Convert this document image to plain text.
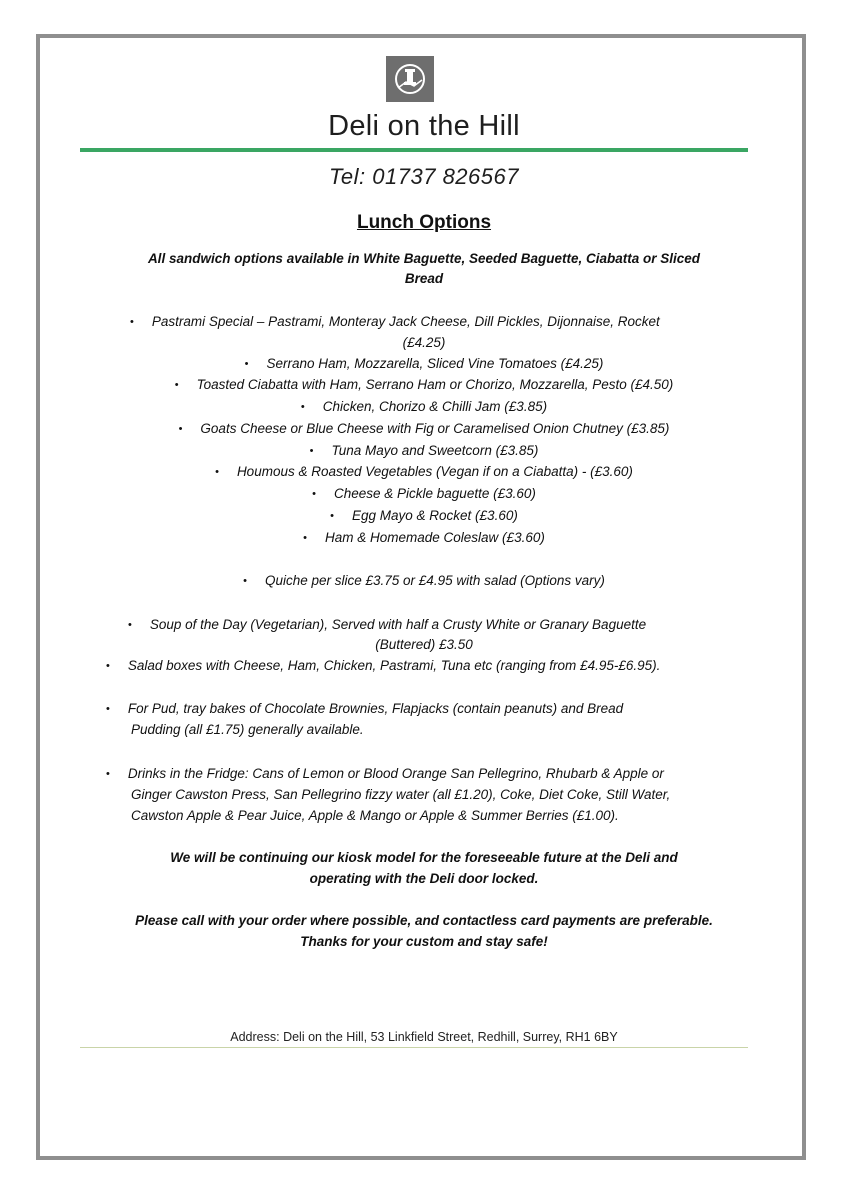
Deli on the Hill
Tel: 01737 826567
Lunch Options
All sandwich options available in White Baguette, Seeded Baguette, Ciabatta or Sliced
Bread
• Pastrami Special – Pastrami, Monteray Jack Cheese, Dill Pickles, Dijonnaise, Rocket
(£4.25)
• Serrano Ham, Mozzarella, Sliced Vine Tomatoes (£4.25)
• Toasted Ciabatta with Ham, Serrano Ham or Chorizo, Mozzarella, Pesto (£4.50)
• Chicken, Chorizo & Chilli Jam (£3.85)
• Goats Cheese or Blue Cheese with Fig or Caramelised Onion Chutney (£3.85)
• Tuna Mayo and Sweetcorn (£3.85)
• Houmous & Roasted Vegetables (Vegan if on a Ciabatta) - (£3.60)
• Cheese & Pickle baguette (£3.60)
• Egg Mayo & Rocket (£3.60)
• Ham & Homemade Coleslaw (£3.60)
• Quiche per slice £3.75 or £4.95 with salad (Options vary)
• Soup of the Day (Vegetarian), Served with half a Crusty White or Granary Baguette
(Buttered) £3.50
• Salad boxes with Cheese, Ham, Chicken, Pastrami, Tuna etc (ranging from £4.95-£6.95).
• For Pud, tray bakes of Chocolate Brownies, Flapjacks (contain peanuts) and Bread
Pudding (all £1.75) generally available.
• Drinks in the Fridge: Cans of Lemon or Blood Orange San Pellegrino, Rhubarb & Apple or
Ginger Cawston Press, San Pellegrino fizzy water (all £1.20), Coke, Diet Coke, Still Water,
Cawston Apple & Pear Juice, Apple & Mango or Apple & Summer Berries (£1.00).
We will be continuing our kiosk model for the foreseeable future at the Deli and
operating with the Deli door locked.
Please call with your order where possible, and contactless card payments are preferable.
Thanks for your custom and stay safe!
Address: Deli on the Hill, 53 Linkfield Street, Redhill, Surrey, RH1 6BY
